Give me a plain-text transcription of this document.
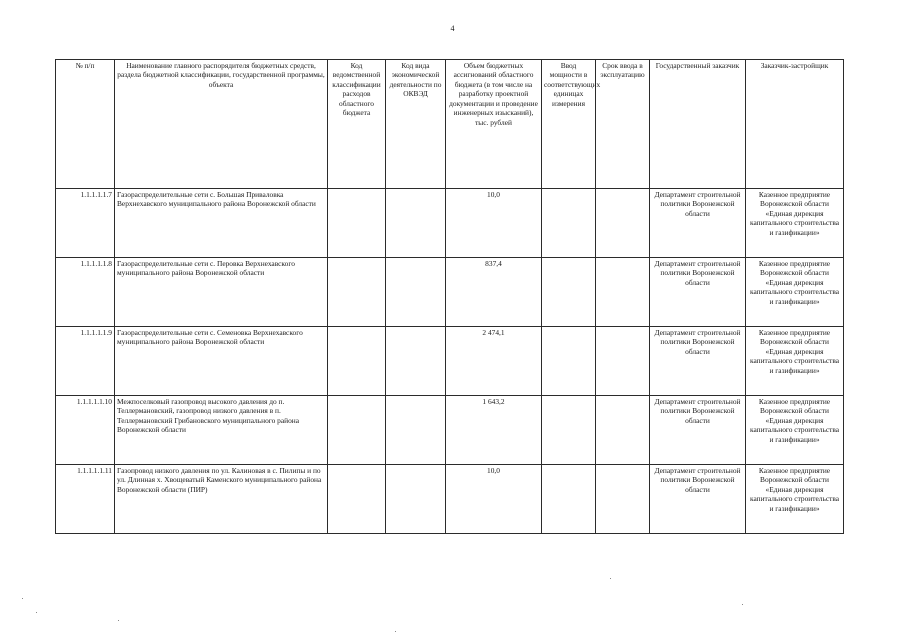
4
№ п/п	Наименование главного распорядителя бюджетных средств, раздела бюджетной классификации, государственной программы, объекта	Код ведомственной классификации расходов областного бюджета	Код вида экономической деятельности по ОКВЭД	Объем бюджетных ассигнований областного бюджета (в том числе на разработку проектной документации и проведение инженерных изысканий), тыс. рублей	Ввод мощности в соответствующих единицах измерения	Срок ввода в эксплуатацию	Государственный заказчик	Заказчик-застройщик
1.1.1.1.1.7	Газораспределительные сети с. Большая Приваловка Верхнехавского муниципального района Воронежской области			10,0			Департамент строительной политики Воронежской области	Казенное предприятие Воронежской области «Единая дирекция капитального строительства и газификации»
1.1.1.1.1.8	Газораспределительные сети с. Перовка Верхнехавского муниципального района Воронежской области			837,4			Департамент строительной политики Воронежской области	Казенное предприятие Воронежской области «Единая дирекция капитального строительства и газификации»
1.1.1.1.1.9	Газораспределительные сети с. Семеновка Верхнехавского муниципального района Воронежской области			2 474,1			Департамент строительной политики Воронежской области	Казенное предприятие Воронежской области «Единая дирекция капитального строительства и газификации»
1.1.1.1.1.10	Межпоселковый газопровод высокого давления до п. Теллермановский, газопровод низкого давления в п. Теллермановский Грибановского муниципального района Воронежской области			1 643,2			Департамент строительной политики Воронежской области	Казенное предприятие Воронежской области «Единая дирекция капитального строительства и газификации»
1.1.1.1.1.11	Газопровод низкого давления по ул. Калиновая в с. Пилипы и по ул. Длинная х. Хвощеватый Каменского муниципального района Воронежской области (ПИР)			10,0			Департамент строительной политики Воронежской области	Казенное предприятие Воронежской области «Единая дирекция капитального строительства и газификации»
